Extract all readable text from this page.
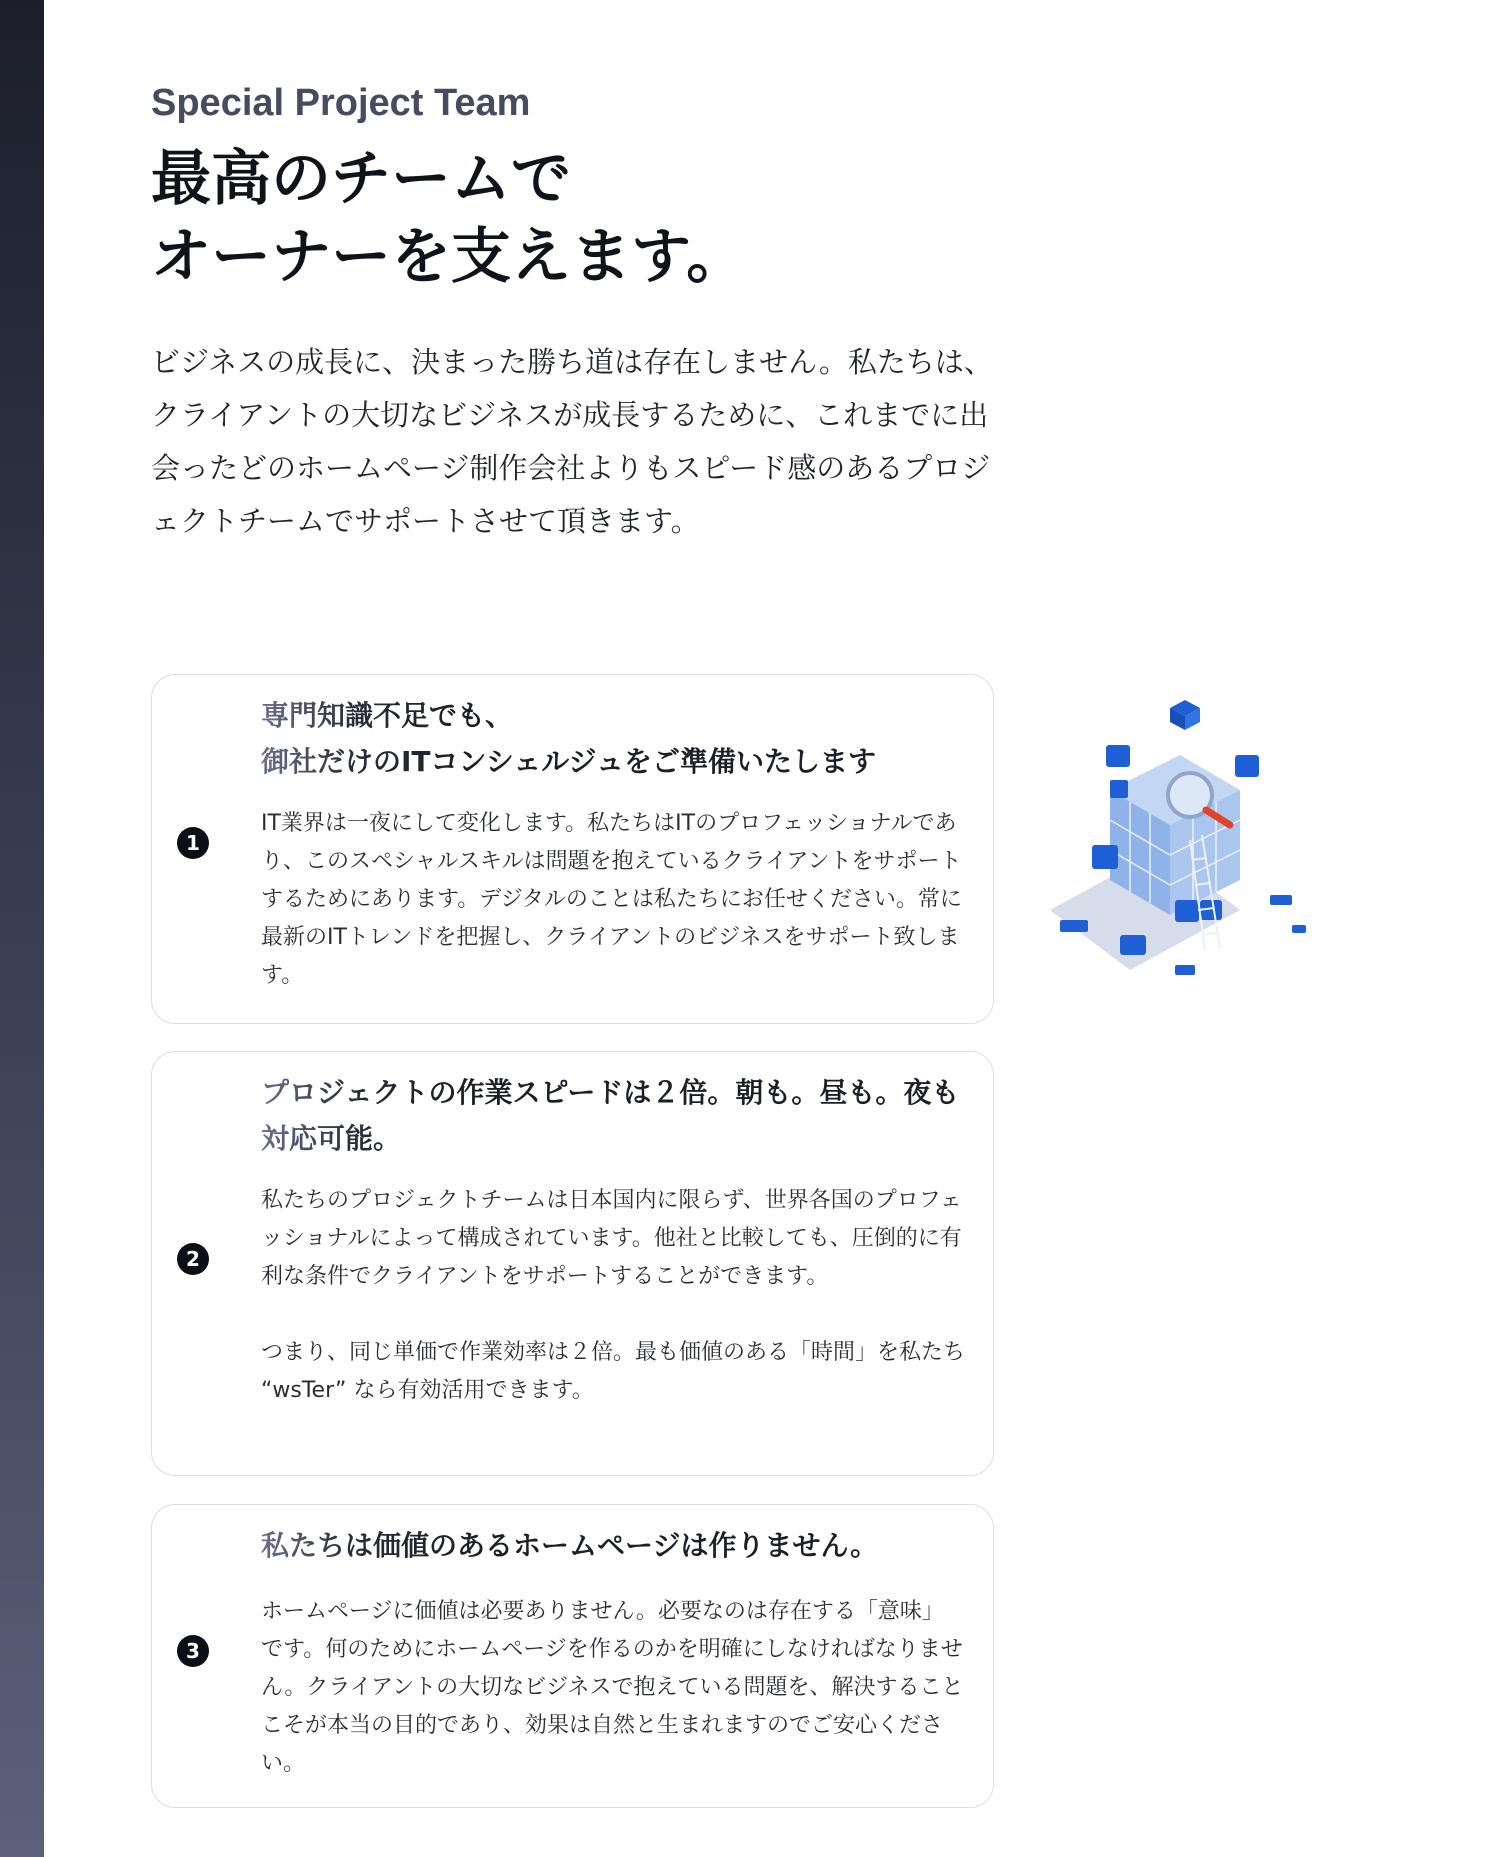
Special Project Team
最高のチームで
オーナーを支えます。

ビジネスの成長に、決まった勝ち道は存在しません。私たちは、クライアントの大切なビジネスが成長するために、これまでに出会ったどのホームページ制作会社よりもスピード感のあるプロジェクトチームでサポートさせて頂きます。

1
専門知識不足でも、
御社だけのITコンシェルジュをご準備いたします
IT業界は一夜にして変化します。私たちはITのプロフェッショナルであり、このスペシャルスキルは問題を抱えているクライアントをサポートするためにあります。デジタルのことは私たちにお任せください。常に最新のITトレンドを把握し、クライアントのビジネスをサポート致します。
2
プロジェクトの作業スピードは２倍。朝も。昼も。夜も対応可能。
私たちのプロジェクトチームは日本国内に限らず、世界各国のプロフェッショナルによって構成されています。他社と比較しても、圧倒的に有利な条件でクライアントをサポートすることができます。
つまり、同じ単価で作業効率は２倍。最も価値のある「時間」を私たち “wsTer” なら有効活用できます。
3
私たちは価値のあるホームページは作りません。
ホームページに価値は必要ありません。必要なのは存在する「意味」です。何のためにホームページを作るのかを明確にしなければなりません。クライアントの大切なビジネスで抱えている問題を、解決することこそが本当の目的であり、効果は自然と生まれますのでご安心ください。
